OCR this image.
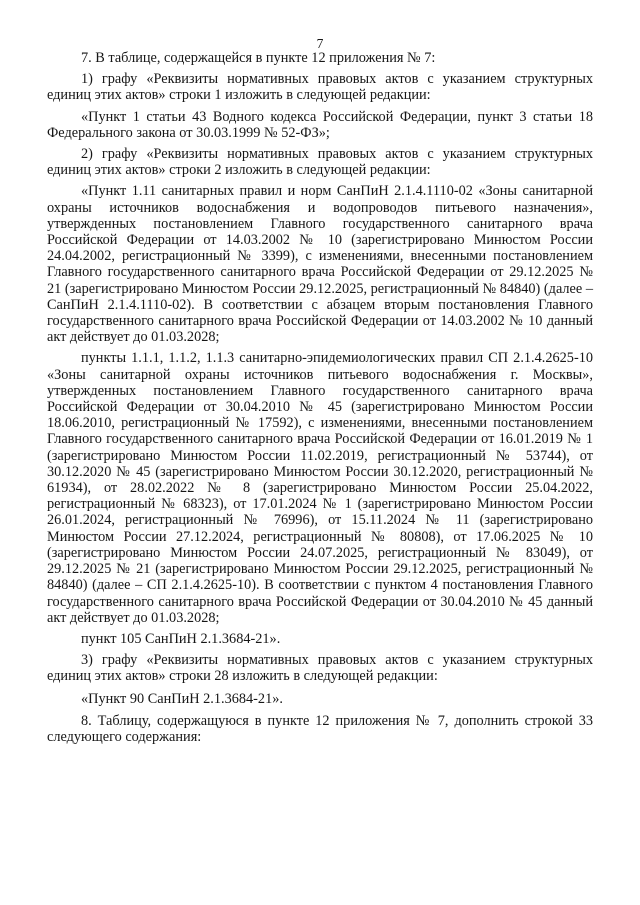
7

7. В таблице, содержащейся в пункте 12 приложения № 7:

1) графу «Реквизиты нормативных правовых актов с указанием структурных единиц этих актов» строки 1 изложить в следующей редакции:

«Пункт 1 статьи 43 Водного кодекса Российской Федерации, пункт 3 статьи 18 Федерального закона от 30.03.1999 № 52-ФЗ»;

2) графу «Реквизиты нормативных правовых актов с указанием структурных единиц этих актов» строки 2 изложить в следующей редакции:

«Пункт 1.11 санитарных правил и норм СанПиН 2.1.4.1110-02 «Зоны санитарной охраны источников водоснабжения и водопроводов питьевого назначения», утвержденных постановлением Главного государственного санитарного врача Российской Федерации от 14.03.2002 № 10 (зарегистрировано Минюстом России 24.04.2002, регистрационный № 3399), с изменениями, внесенными постановлением Главного государственного санитарного врача Российской Федерации от 29.12.2025 № 21 (зарегистрировано Минюстом России 29.12.2025, регистрационный № 84840) (далее – СанПиН 2.1.4.1110-02). В соответствии с абзацем вторым постановления Главного государственного санитарного врача Российской Федерации от 14.03.2002 № 10 данный акт действует до 01.03.2028;

пункты 1.1.1, 1.1.2, 1.1.3 санитарно-эпидемиологических правил СП 2.1.4.2625-10 «Зоны санитарной охраны источников питьевого водоснабжения г. Москвы», утвержденных постановлением Главного государственного санитарного врача Российской Федерации от 30.04.2010 № 45 (зарегистрировано Минюстом России 18.06.2010, регистрационный № 17592), с изменениями, внесенными постановлением Главного государственного санитарного врача Российской Федерации от 16.01.2019 № 1 (зарегистрировано Минюстом России 11.02.2019, регистрационный № 53744), от 30.12.2020 № 45 (зарегистрировано Минюстом России 30.12.2020, регистрационный № 61934), от 28.02.2022 № 8 (зарегистрировано Минюстом России 25.04.2022, регистрационный № 68323), от 17.01.2024 № 1 (зарегистрировано Минюстом России 26.01.2024, регистрационный № 76996), от 15.11.2024 № 11 (зарегистрировано Минюстом России 27.12.2024, регистрационный № 80808), от 17.06.2025 № 10 (зарегистрировано Минюстом России 24.07.2025, регистрационный № 83049), от 29.12.2025 № 21 (зарегистрировано Минюстом России 29.12.2025, регистрационный № 84840) (далее – СП 2.1.4.2625-10). В соответствии с пунктом 4 постановления Главного государственного санитарного врача Российской Федерации от 30.04.2010 № 45 данный акт действует до 01.03.2028;

пункт 105 СанПиН 2.1.3684-21».

3) графу «Реквизиты нормативных правовых актов с указанием структурных единиц этих актов» строки 28 изложить в следующей редакции:

«Пункт 90 СанПиН 2.1.3684-21».

8. Таблицу, содержащуюся в пункте 12 приложения № 7, дополнить строкой 33 следующего содержания:
